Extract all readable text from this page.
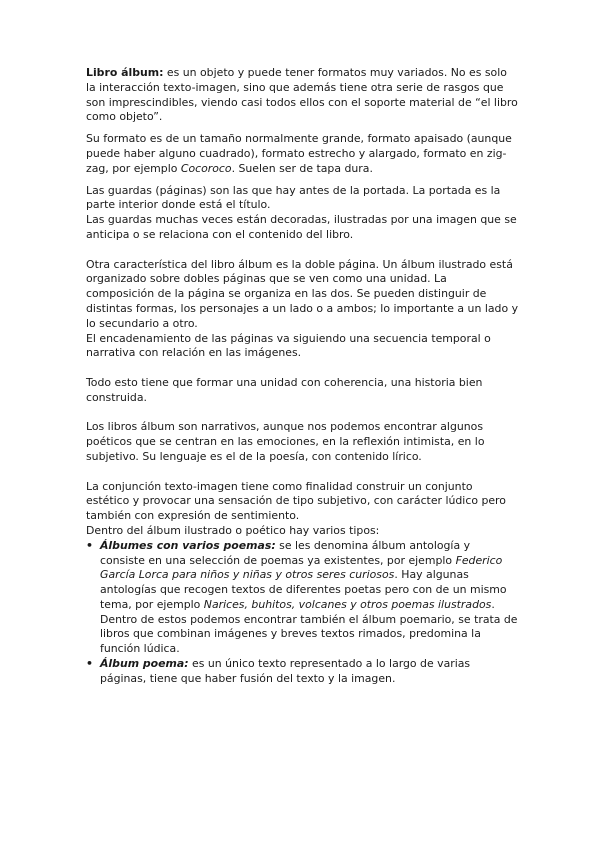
Libro álbum: es un objeto y puede tener formatos muy variados. No es solo la interacción texto-imagen, sino que además tiene otra serie de rasgos que son imprescindibles, viendo casi todos ellos con el soporte material de “el libro como objeto”.

Su formato es de un tamaño normalmente grande, formato apaisado (aunque puede haber alguno cuadrado), formato estrecho y alargado, formato en zig-zag, por ejemplo Cocoroco. Suelen ser de tapa dura.

Las guardas (páginas) son las que hay antes de la portada. La portada es la parte interior donde está el título.
Las guardas muchas veces están decoradas, ilustradas por una imagen que se anticipa o se relaciona con el contenido del libro.

Otra característica del libro álbum es la doble página. Un álbum ilustrado está organizado sobre dobles páginas que se ven como una unidad. La composición de la página se organiza en las dos. Se pueden distinguir de distintas formas, los personajes a un lado o a ambos; lo importante a un lado y lo secundario a otro.
El encadenamiento de las páginas va siguiendo una secuencia temporal o narrativa con relación en las imágenes.

Todo esto tiene que formar una unidad con coherencia, una historia bien construida.

Los libros álbum son narrativos, aunque nos podemos encontrar algunos poéticos que se centran en las emociones, en la reflexión intimista, en lo subjetivo. Su lenguaje es el de la poesía, con contenido lírico.

La conjunción texto-imagen tiene como finalidad construir un conjunto estético y provocar una sensación de tipo subjetivo, con carácter lúdico pero también con expresión de sentimiento.
Dentro del álbum ilustrado o poético hay varios tipos:

• Álbumes con varios poemas: se les denomina álbum antología y consiste en una selección de poemas ya existentes, por ejemplo Federico García Lorca para niños y niñas y otros seres curiosos. Hay algunas antologías que recogen textos de diferentes poetas pero con de un mismo tema, por ejemplo Narices, buhitos, volcanes y otros poemas ilustrados.
Dentro de estos podemos encontrar también el álbum poemario, se trata de libros que combinan imágenes y breves textos rimados, predomina la función lúdica.
• Álbum poema: es un único texto representado a lo largo de varias páginas, tiene que haber fusión del texto y la imagen.
